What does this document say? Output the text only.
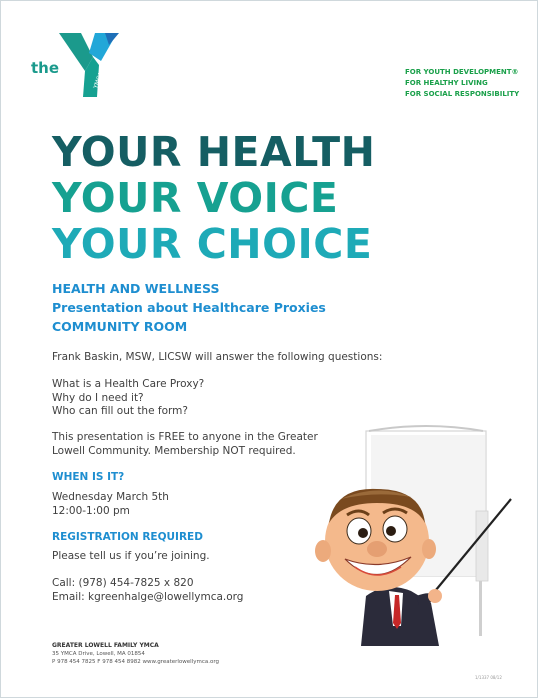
the
YMCA	FOR YOUTH DEVELOPMENT®
FOR HEALTHY LIVING
FOR SOCIAL RESPONSIBILITY
YOUR HEALTH
YOUR VOICE
YOUR CHOICE
HEALTH AND WELLNESS
Presentation about Healthcare Proxies
COMMUNITY ROOM
Frank Baskin, MSW, LICSW will answer the following questions:
What is a Health Care Proxy?
Why do I need it?
Who can fill out the form?
This presentation is FREE to anyone in the Greater
Lowell Community. Membership NOT required.
WHEN IS IT?
Wednesday March 5th
12:00-1:00 pm
REGISTRATION REQUIRED
Please tell us if you’re joining.
Call: (978) 454-7825 x 820
Email: kgreenhalge@lowellymca.org
GREATER LOWELL FAMILY YMCA
35 YMCA Drive, Lowell, MA 01854
P 978 454 7825 F 978 454 8982 www.greaterlowellymca.org
1/1337 08/12
